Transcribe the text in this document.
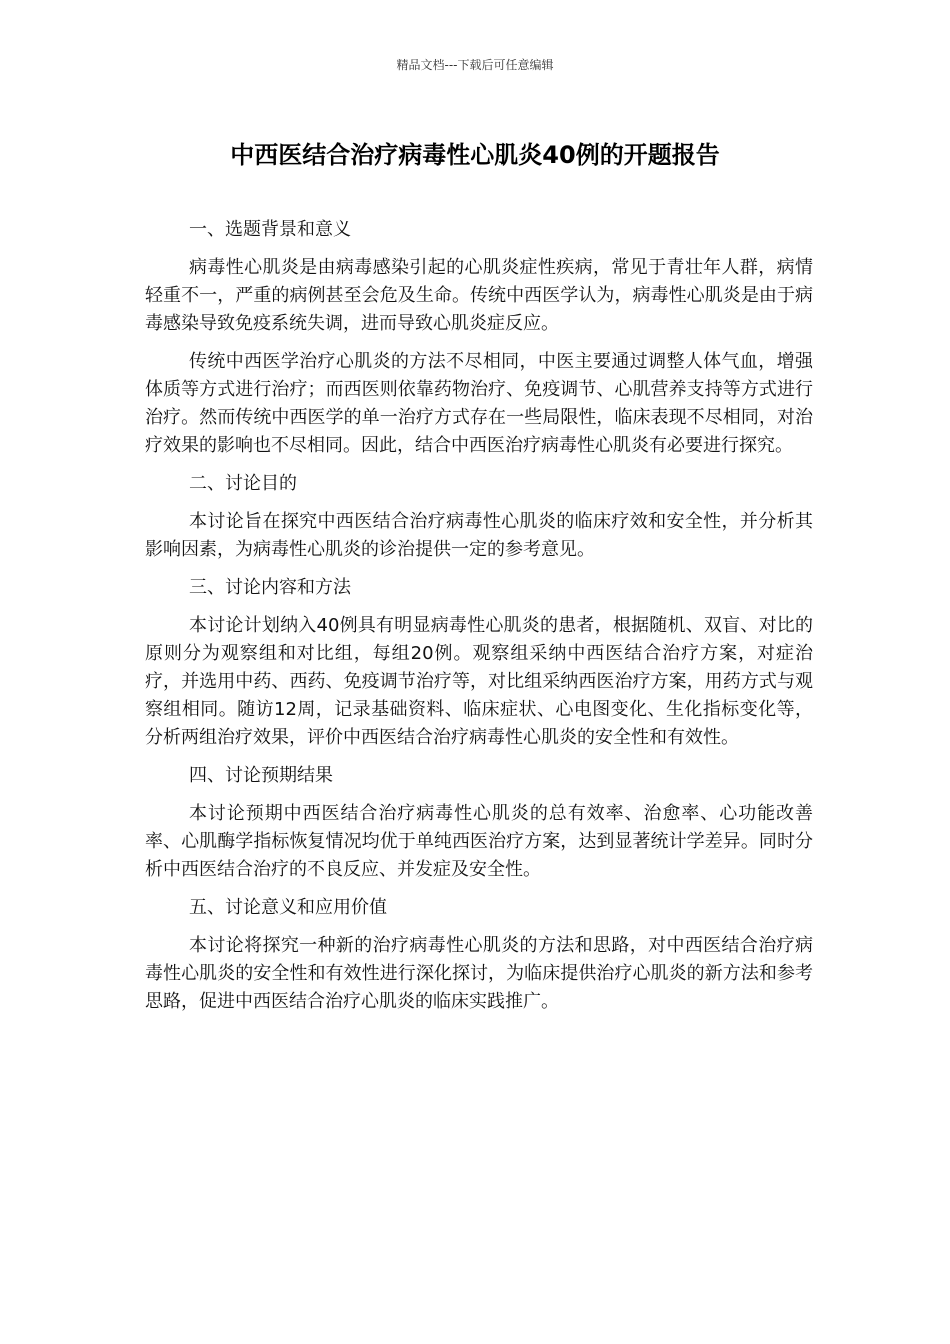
精品文档---下载后可任意编辑
中西医结合治疗病毒性心肌炎40例的开题报告
一、选题背景和意义

病毒性心肌炎是由病毒感染引起的心肌炎症性疾病，常见于青壮年人群，病情轻重不一，严重的病例甚至会危及生命。传统中西医学认为，病毒性心肌炎是由于病毒感染导致免疫系统失调，进而导致心肌炎症反应。

传统中西医学治疗心肌炎的方法不尽相同，中医主要通过调整人体气血，增强体质等方式进行治疗；而西医则依靠药物治疗、免疫调节、心肌营养支持等方式进行治疗。然而传统中西医学的单一治疗方式存在一些局限性，临床表现不尽相同，对治疗效果的影响也不尽相同。因此，结合中西医治疗病毒性心肌炎有必要进行探究。

二、讨论目的

本讨论旨在探究中西医结合治疗病毒性心肌炎的临床疗效和安全性，并分析其影响因素，为病毒性心肌炎的诊治提供一定的参考意见。

三、讨论内容和方法

本讨论计划纳入40例具有明显病毒性心肌炎的患者，根据随机、双盲、对比的原则分为观察组和对比组，每组20例。观察组采纳中西医结合治疗方案，对症治疗，并选用中药、西药、免疫调节治疗等，对比组采纳西医治疗方案，用药方式与观察组相同。随访12周，记录基础资料、临床症状、心电图变化、生化指标变化等，分析两组治疗效果，评价中西医结合治疗病毒性心肌炎的安全性和有效性。

四、讨论预期结果

本讨论预期中西医结合治疗病毒性心肌炎的总有效率、治愈率、心功能改善率、心肌酶学指标恢复情况均优于单纯西医治疗方案，达到显著统计学差异。同时分析中西医结合治疗的不良反应、并发症及安全性。

五、讨论意义和应用价值

本讨论将探究一种新的治疗病毒性心肌炎的方法和思路，对中西医结合治疗病毒性心肌炎的安全性和有效性进行深化探讨，为临床提供治疗心肌炎的新方法和参考思路，促进中西医结合治疗心肌炎的临床实践推广。
